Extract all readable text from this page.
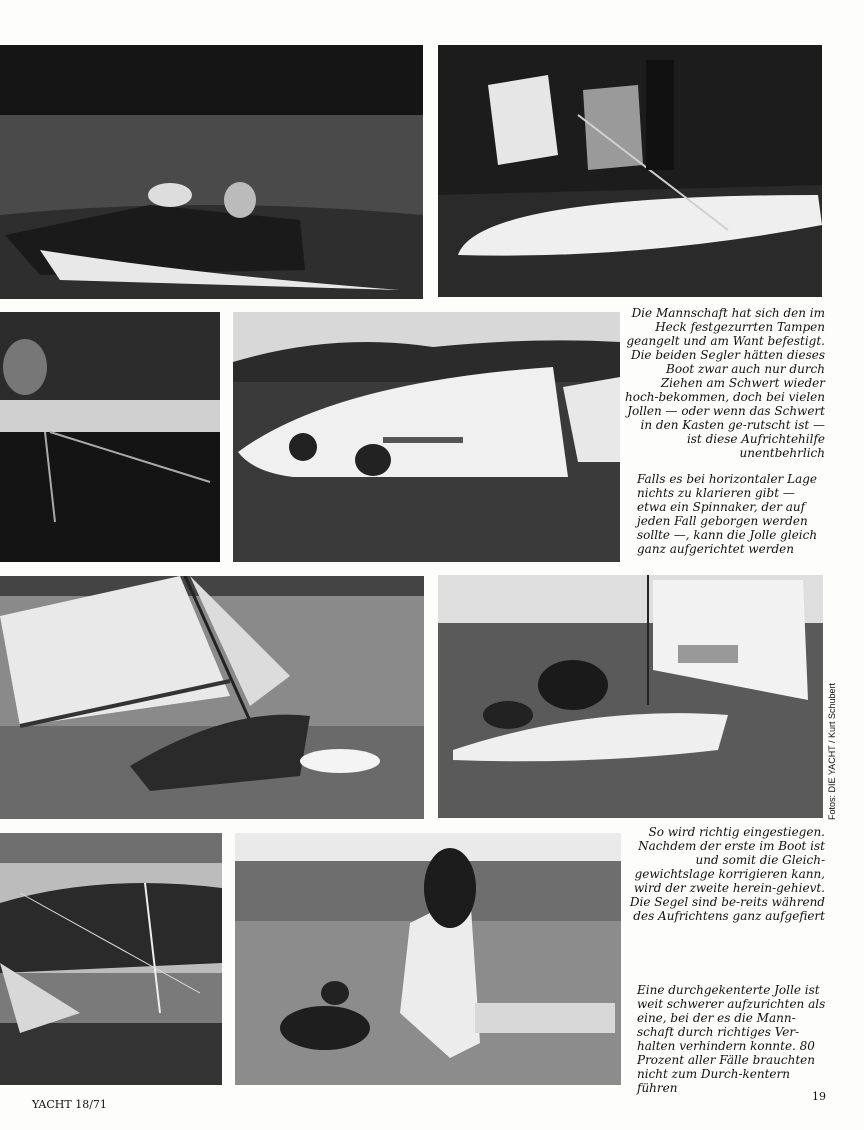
Die Mannschaft hat sich den im Heck festgezurrten Tampen geangelt und am Want befestigt. Die beiden Segler hätten dieses Boot zwar auch nur durch Ziehen am Schwert wieder hoch-bekommen, doch bei vielen Jollen — oder wenn das Schwert in den Kasten ge-rutscht ist — ist diese Aufrichtehilfe unentbehrlich

Falls es bei horizontaler Lage nichts zu klarieren gibt — etwa ein Spinnaker, der auf jeden Fall geborgen werden sollte —, kann die Jolle gleich ganz aufgerichtet werden

Fotos: DIE YACHT / Kurt Schubert

So wird richtig eingestiegen. Nachdem der erste im Boot ist und somit die Gleich-gewichtslage korrigieren kann, wird der zweite herein-gehievt. Die Segel sind be-reits während des Aufrichtens ganz aufgefiert

Eine durchgekenterte Jolle ist weit schwerer aufzurichten als eine, bei der es die Mann-schaft durch richtiges Ver-halten verhindern konnte. 80 Prozent aller Fälle brauchten nicht zum Durch-kentern führen

YACHT 18/71
19
